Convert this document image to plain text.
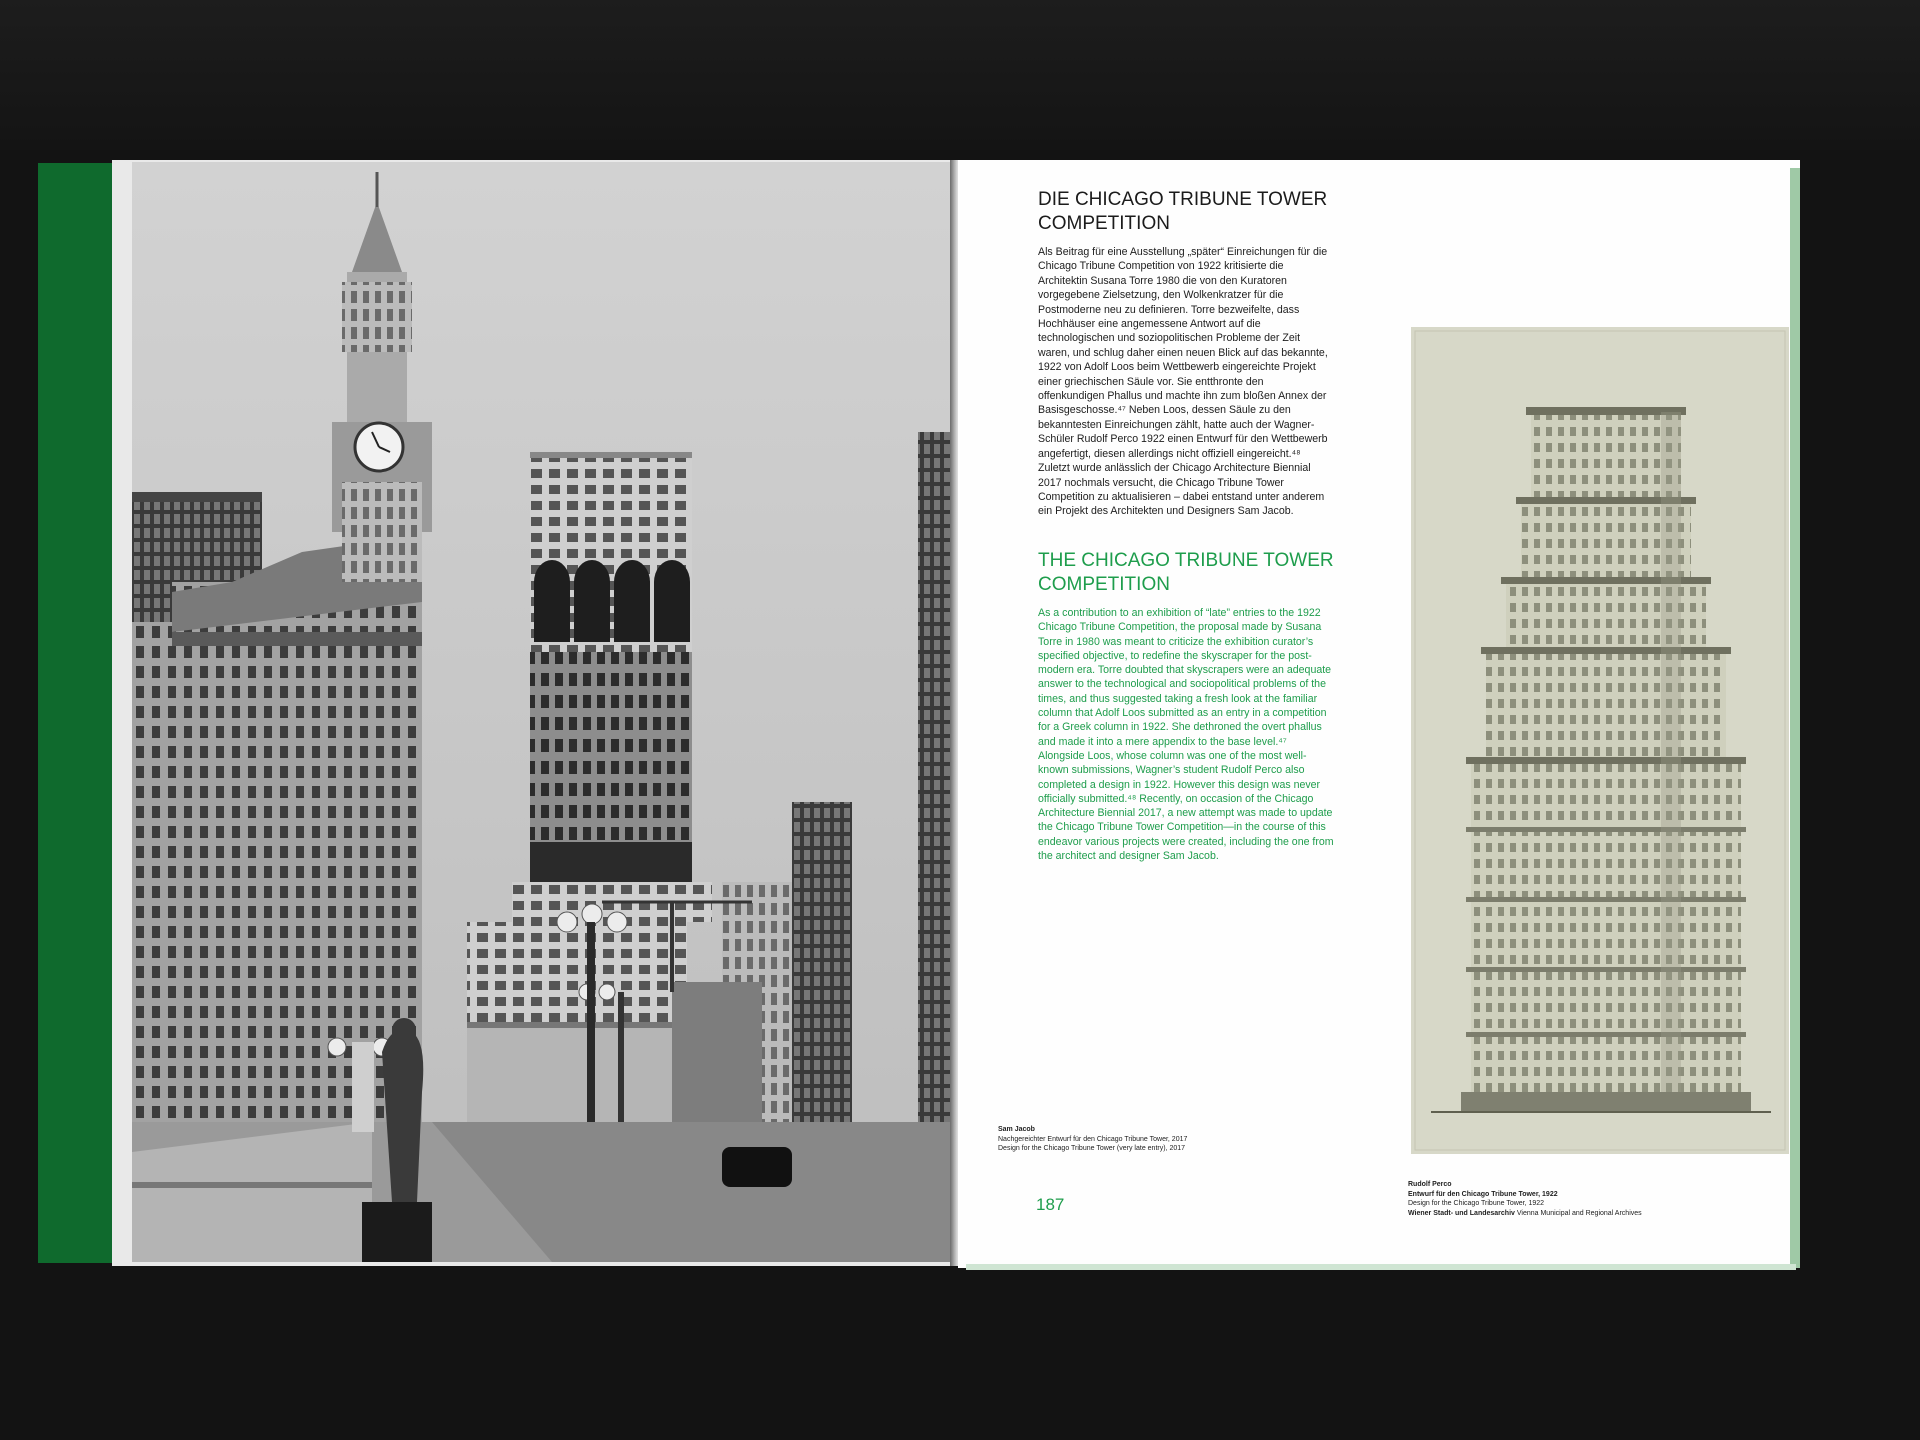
DIE CHICAGO TRIBUNE TOWER COMPETITION

Als Beitrag für eine Ausstellung „später“ Einreichungen für die Chicago Tribune Competition von 1922 kritisierte die Architektin Susana Torre 1980 die von den Kuratoren vorgegebene Zielsetzung, den Wolkenkratzer für die Postmoderne neu zu definieren. Torre bezweifelte, dass Hochhäuser eine angemessene Antwort auf die technologischen und soziopolitischen Probleme der Zeit waren, und schlug daher einen neuen Blick auf das bekannte, 1922 von Adolf Loos beim Wettbewerb eingereichte Projekt einer griechischen Säule vor. Sie entthronte den offenkundigen Phallus und machte ihn zum bloßen Annex der Basisgeschosse.⁴⁷ Neben Loos, dessen Säule zu den bekanntesten Einreichungen zählt, hatte auch der Wagner-Schüler Rudolf Perco 1922 einen Entwurf für den Wettbewerb angefertigt, diesen allerdings nicht offiziell eingereicht.⁴⁸ Zuletzt wurde anlässlich der Chicago Architecture Biennial 2017 nochmals versucht, die Chicago Tribune Tower Competition zu aktualisieren – dabei entstand unter anderem ein Projekt des Architekten und Designers Sam Jacob.

THE CHICAGO TRIBUNE TOWER COMPETITION

As a contribution to an exhibition of “late” entries to the 1922 Chicago Tribune Competition, the proposal made by Susana Torre in 1980 was meant to criticize the exhibition curator’s specified objective, to redefine the skyscraper for the post-modern era. Torre doubted that skyscrapers were an adequate answer to the technological and sociopolitical problems of the times, and thus suggested taking a fresh look at the familiar column that Adolf Loos submitted as an entry in a competition for a Greek column in 1922. She dethroned the overt phallus and made it into a mere appendix to the base level.⁴⁷ Alongside Loos, whose column was one of the most well-known submissions, Wagner’s student Rudolf Perco also completed a design in 1922. However this design was never officially submitted.⁴⁸ Recently, on occasion of the Chicago Architecture Biennial 2017, a new attempt was made to update the Chicago Tribune Tower Competition—in the course of this endeavor various projects were created, including the one from the architect and designer Sam Jacob.

Sam Jacob
Nachgereichter Entwurf für den Chicago Tribune Tower, 2017
Design for the Chicago Tribune Tower (very late entry), 2017
187
Rudolf Perco
Entwurf für den Chicago Tribune Tower, 1922
Design for the Chicago Tribune Tower, 1922
Wiener Stadt- und Landesarchiv Vienna Municipal and Regional Archives
